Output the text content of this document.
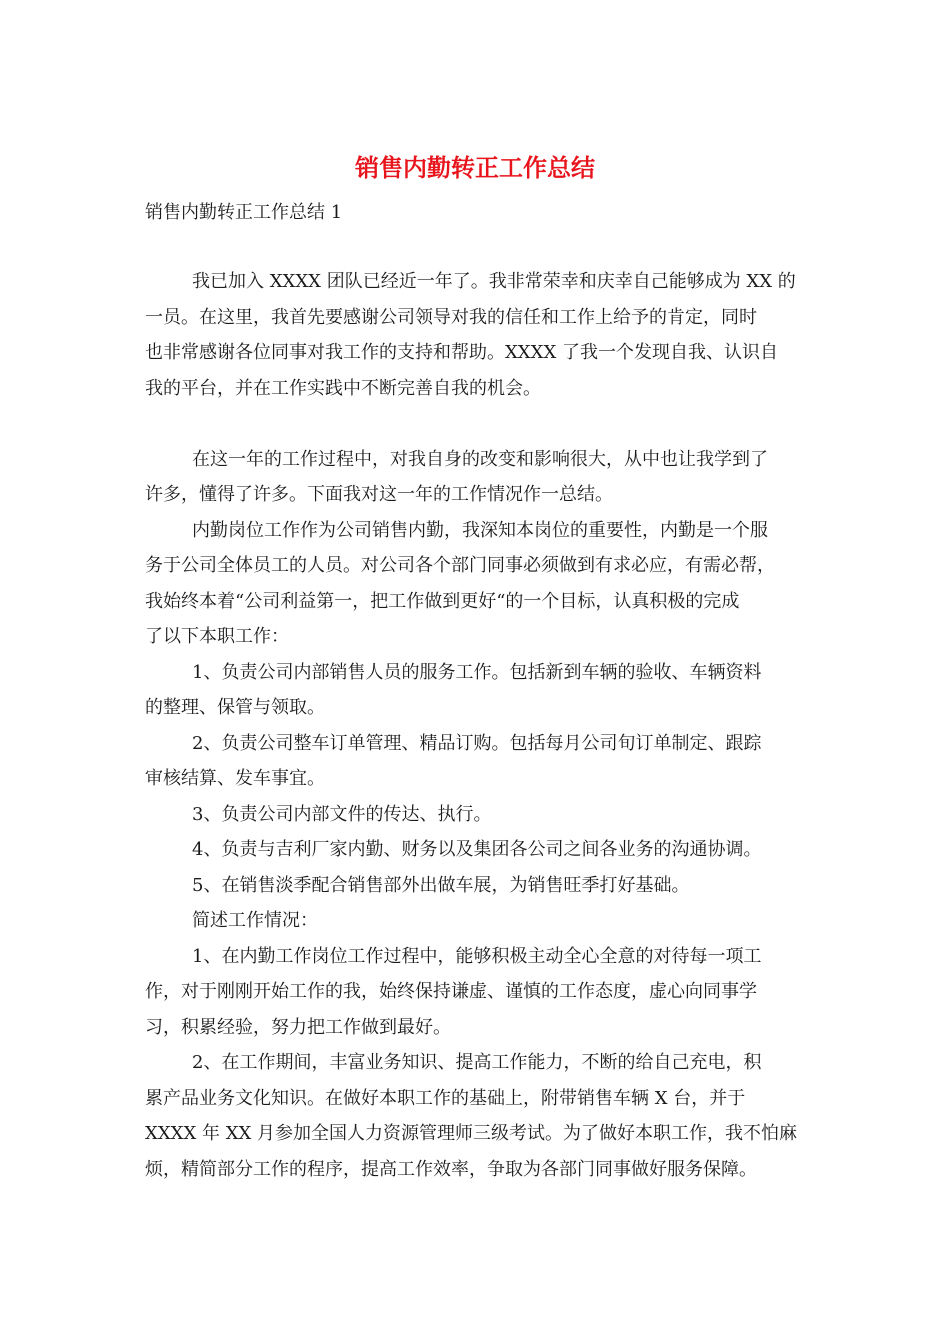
销售内勤转正工作总结
销售内勤转正工作总结 1
我已加入 XXXX 团队已经近一年了。我非常荣幸和庆幸自己能够成为 XX 的
一员。在这里，我首先要感谢公司领导对我的信任和工作上给予的肯定，同时
也非常感谢各位同事对我工作的支持和帮助。XXXX 了我一个发现自我、认识自
我的平台，并在工作实践中不断完善自我的机会。
在这一年的工作过程中，对我自身的改变和影响很大，从中也让我学到了
许多，懂得了许多。下面我对这一年的工作情况作一总结。
内勤岗位工作作为公司销售内勤，我深知本岗位的重要性，内勤是一个服
务于公司全体员工的人员。对公司各个部门同事必须做到有求必应，有需必帮，
我始终本着“公司利益第一，把工作做到更好“的一个目标，认真积极的完成
了以下本职工作：
1、负责公司内部销售人员的服务工作。包括新到车辆的验收、车辆资料
的整理、保管与领取。
2、负责公司整车订单管理、精品订购。包括每月公司旬订单制定、跟踪
审核结算、发车事宜。
3、负责公司内部文件的传达、执行。
4、负责与吉利厂家内勤、财务以及集团各公司之间各业务的沟通协调。
5、在销售淡季配合销售部外出做车展，为销售旺季打好基础。
简述工作情况：
1、在内勤工作岗位工作过程中，能够积极主动全心全意的对待每一项工
作，对于刚刚开始工作的我，始终保持谦虚、谨慎的工作态度，虚心向同事学
习，积累经验，努力把工作做到最好。
2、在工作期间，丰富业务知识、提高工作能力，不断的给自己充电，积
累产品业务文化知识。在做好本职工作的基础上，附带销售车辆 X 台，并于
XXXX 年 XX 月参加全国人力资源管理师三级考试。为了做好本职工作，我不怕麻
烦，精简部分工作的程序，提高工作效率，争取为各部门同事做好服务保障。
